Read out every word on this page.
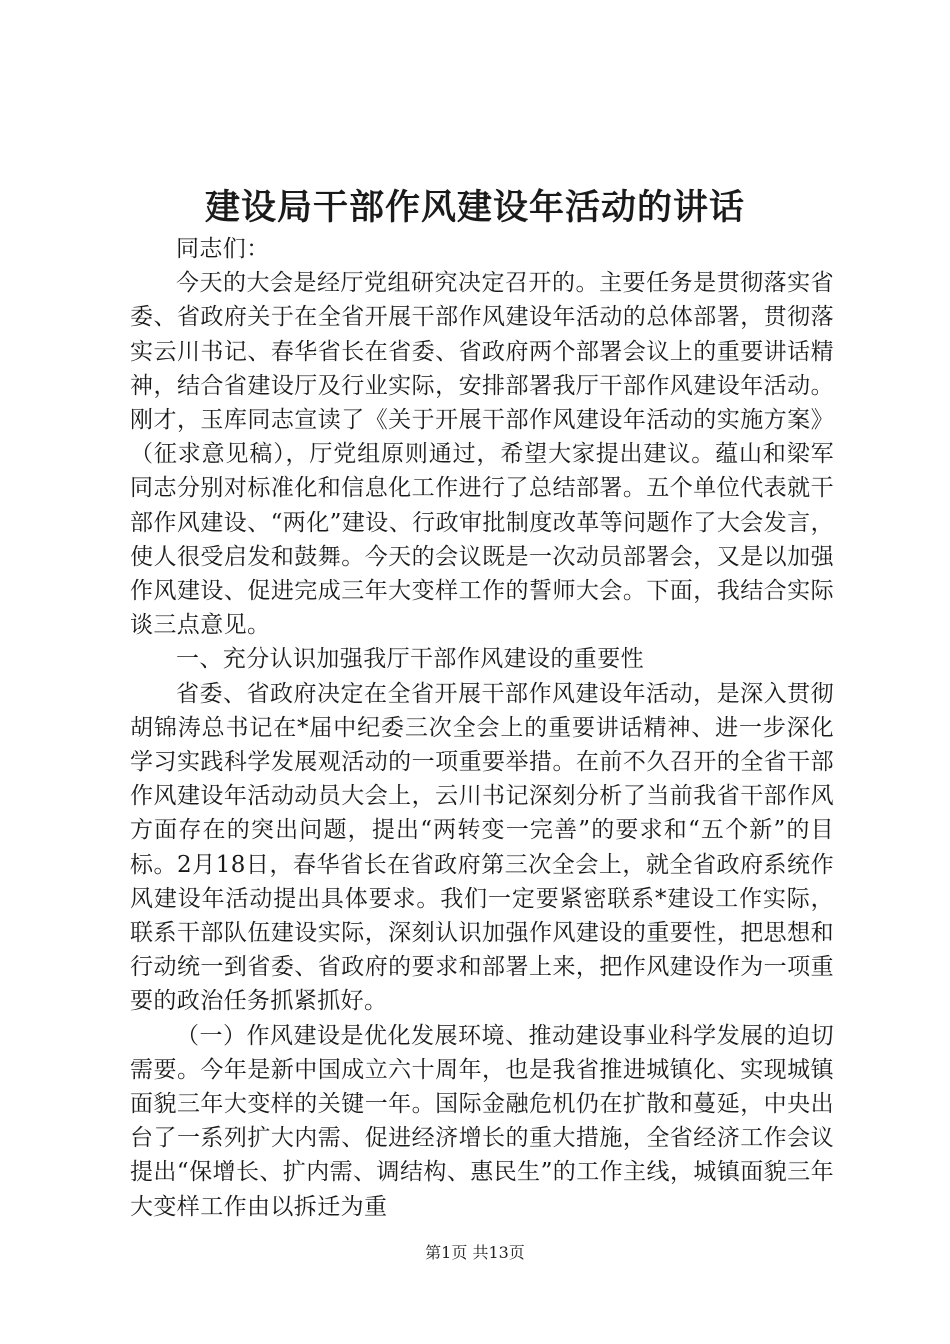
建设局干部作风建设年活动的讲话

同志们：

今天的大会是经厅党组研究决定召开的。主要任务是贯彻落实省委、省政府关于在全省开展干部作风建设年活动的总体部署，贯彻落实云川书记、春华省长在省委、省政府两个部署会议上的重要讲话精神，结合省建设厅及行业实际，安排部署我厅干部作风建设年活动。刚才，玉库同志宣读了《关于开展干部作风建设年活动的实施方案》（征求意见稿），厅党组原则通过，希望大家提出建议。蕴山和梁军同志分别对标准化和信息化工作进行了总结部署。五个单位代表就干部作风建设、“两化”建设、行政审批制度改革等问题作了大会发言，使人很受启发和鼓舞。今天的会议既是一次动员部署会，又是以加强作风建设、促进完成三年大变样工作的誓师大会。下面，我结合实际谈三点意见。

一、充分认识加强我厅干部作风建设的重要性

省委、省政府决定在全省开展干部作风建设年活动，是深入贯彻胡锦涛总书记在*届中纪委三次全会上的重要讲话精神、进一步深化学习实践科学发展观活动的一项重要举措。在前不久召开的全省干部作风建设年活动动员大会上，云川书记深刻分析了当前我省干部作风方面存在的突出问题，提出“两转变一完善”的要求和“五个新”的目标。2月18日，春华省长在省政府第三次全会上，就全省政府系统作风建设年活动提出具体要求。我们一定要紧密联系*建设工作实际，联系干部队伍建设实际，深刻认识加强作风建设的重要性，把思想和行动统一到省委、省政府的要求和部署上来，把作风建设作为一项重要的政治任务抓紧抓好。

（一）作风建设是优化发展环境、推动建设事业科学发展的迫切需要。今年是新中国成立六十周年，也是我省推进城镇化、实现城镇面貌三年大变样的关键一年。国际金融危机仍在扩散和蔓延，中央出台了一系列扩大内需、促进经济增长的重大措施，全省经济工作会议提出“保增长、扩内需、调结构、惠民生”的工作主线，城镇面貌三年大变样工作由以拆迁为重

第1页 共13页
